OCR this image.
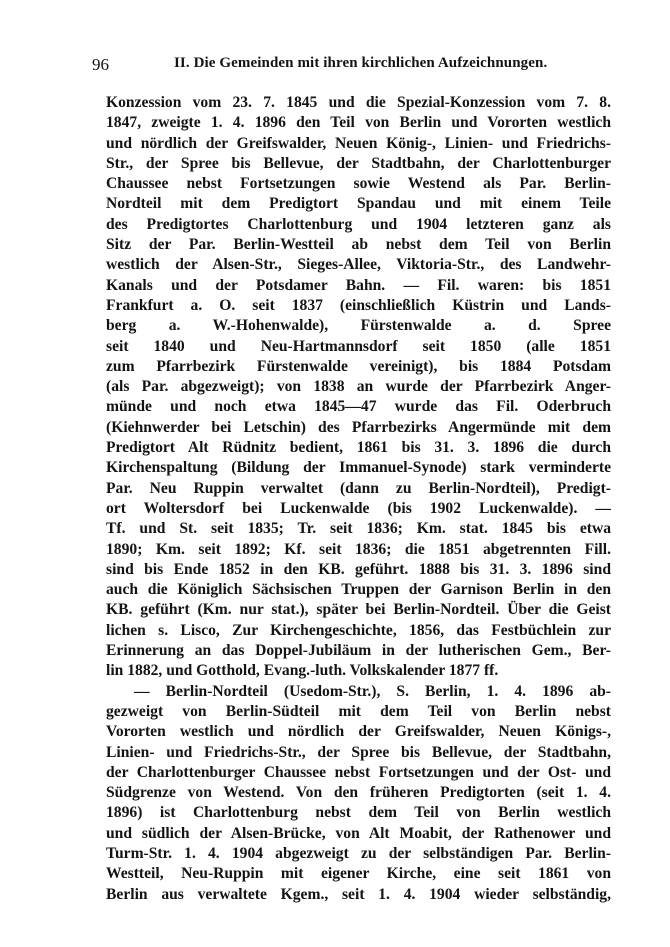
96	II. Die Gemeinden mit ihren kirchlichen Aufzeichnungen.
Konzession vom 23. 7. 1845 und die Spezial-Konzession vom 7. 8.
1847, zweigte 1. 4. 1896 den Teil von Berlin und Vororten westlich
und nördlich der Greifswalder, Neuen König-, Linien- und Friedrichs-
Str., der Spree bis Bellevue, der Stadtbahn, der Charlottenburger
Chaussee nebst Fortsetzungen sowie Westend als Par. Berlin-
Nordteil mit dem Predigtort Spandau und mit einem Teile
des Predigtortes Charlottenburg und 1904 letzteren ganz als
Sitz der Par. Berlin-Westteil ab nebst dem Teil von Berlin
westlich der Alsen-Str., Sieges-Allee, Viktoria-Str., des Landwehr-
Kanals und der Potsdamer Bahn. — Fil. waren: bis 1851
Frankfurt a. O. seit 1837 (einschließlich Küstrin und Lands-
berg a. W.-Hohenwalde), Fürstenwalde a. d. Spree
seit 1840 und Neu-Hartmannsdorf seit 1850 (alle 1851
zum Pfarrbezirk Fürstenwalde vereinigt), bis 1884 Potsdam
(als Par. abgezweigt); von 1838 an wurde der Pfarrbezirk Anger-
münde und noch etwa 1845—47 wurde das Fil. Oderbruch
(Kiehnwerder bei Letschin) des Pfarrbezirks Angermünde mit dem
Predigtort Alt Rüdnitz bedient, 1861 bis 31. 3. 1896 die durch
Kirchenspaltung (Bildung der Immanuel-Synode) stark verminderte
Par. Neu Ruppin verwaltet (dann zu Berlin-Nordteil), Predigt-
ort Woltersdorf bei Luckenwalde (bis 1902 Luckenwalde). —
Tf. und St. seit 1835; Tr. seit 1836; Km. stat. 1845 bis etwa
1890; Km. seit 1892; Kf. seit 1836; die 1851 abgetrennten Fill.
sind bis Ende 1852 in den KB. geführt. 1888 bis 31. 3. 1896 sind
auch die Königlich Sächsischen Truppen der Garnison Berlin in den
KB. geführt (Km. nur stat.), später bei Berlin-Nordteil. Über die Geist
lichen s. Lisco, Zur Kirchengeschichte, 1856, das Festbüchlein zur
Erinnerung an das Doppel-Jubiläum in der lutherischen Gem., Ber-
lin 1882, und Gotthold, Evang.-luth. Volkskalender 1877 ff.
— Berlin-Nordteil (Usedom-Str.), S. Berlin, 1. 4. 1896 ab-
gezweigt von Berlin-Südteil mit dem Teil von Berlin nebst
Vororten westlich und nördlich der Greifswalder, Neuen Königs-,
Linien- und Friedrichs-Str., der Spree bis Bellevue, der Stadtbahn,
der Charlottenburger Chaussee nebst Fortsetzungen und der Ost- und
Südgrenze von Westend. Von den früheren Predigtorten (seit 1. 4.
1896) ist Charlottenburg nebst dem Teil von Berlin westlich
und südlich der Alsen-Brücke, von Alt Moabit, der Rathenower und
Turm-Str. 1. 4. 1904 abgezweigt zu der selbständigen Par. Berlin-
Westteil, Neu-Ruppin mit eigener Kirche, eine seit 1861 von
Berlin aus verwaltete Kgem., seit 1. 4. 1904 wieder selbständig,
